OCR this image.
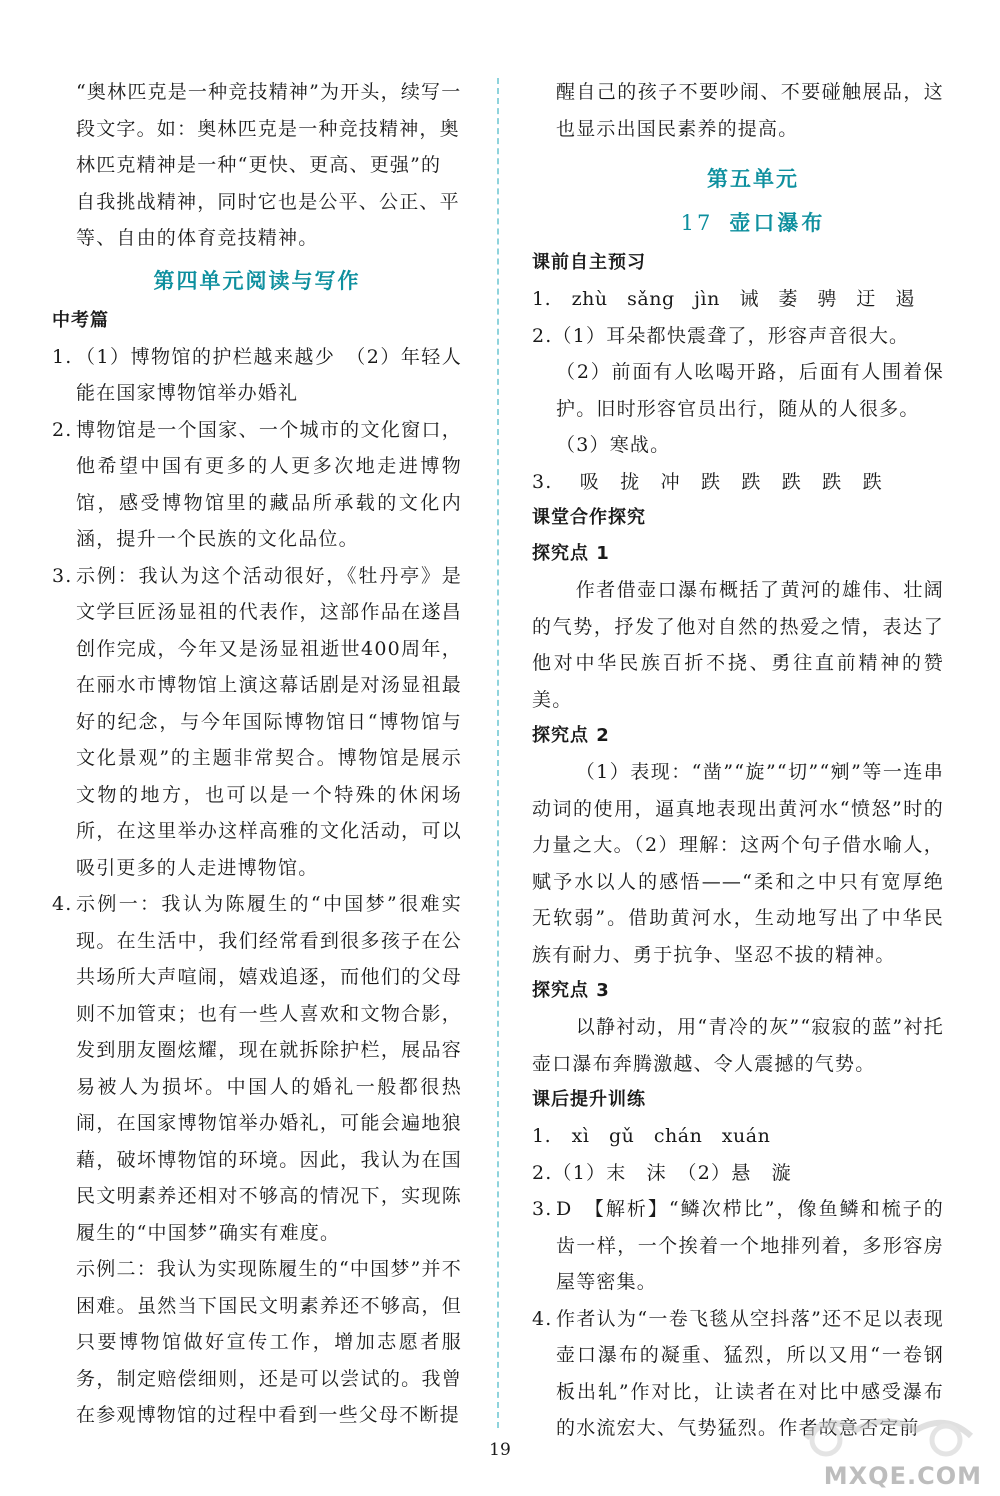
“奥林匹克是一种竞技精神”为开头，续写一
段文字。如：奥林匹克是一种竞技精神，奥
林匹克精神是一种“更快、更高、更强”的
自我挑战精神，同时它也是公平、公正、平
等、自由的体育竞技精神。
第四单元阅读与写作
中考篇
1. （1）博物馆的护栏越来越少　（2）年轻人能在国家博物馆举办婚礼
2. 博物馆是一个国家、一个城市的文化窗口，他希望中国有更多的人更多次地走进博物馆，感受博物馆里的藏品所承载的文化内涵，提升一个民族的文化品位。
3. 示例：我认为这个活动很好，《牡丹亭》是文学巨匠汤显祖的代表作，这部作品在遂昌创作完成，今年又是汤显祖逝世400周年，在丽水市博物馆上演这幕话剧是对汤显祖最好的纪念，与今年国际博物馆日“博物馆与文化景观”的主题非常契合。博物馆是展示文物的地方，也可以是一个特殊的休闲场所，在这里举办这样高雅的文化活动，可以吸引更多的人走进博物馆。
4. 示例一：我认为陈履生的“中国梦”很难实现。在生活中，我们经常看到很多孩子在公共场所大声喧闹，嬉戏追逐，而他们的父母则不加管束；也有一些人喜欢和文物合影，发到朋友圈炫耀，现在就拆除护栏，展品容易被人为损坏。中国人的婚礼一般都很热闹，在国家博物馆举办婚礼，可能会遍地狼藉，破坏博物馆的环境。因此，我认为在国民文明素养还相对不够高的情况下，实现陈履生的“中国梦”确实有难度。
示例二：我认为实现陈履生的“中国梦”并不困难。虽然当下国民文明素养还不够高，但只要博物馆做好宣传工作，增加志愿者服务，制定赔偿细则，还是可以尝试的。我曾在参观博物馆的过程中看到一些父母不断提
醒自己的孩子不要吵闹、不要碰触展品，这也显示出国民素养的提高。
第五单元
17 壶口瀑布
课前自主预习
1. zhù　sǎng　jìn　诫　萎　骋　迂　遏
2.（1）耳朵都快震聋了，形容声音很大。
（2）前面有人吆喝开路，后面有人围着保护。旧时形容官员出行，随从的人很多。
（3）寒战。
3. 吸　拢　冲　跌　跌　跌　跌　跌
课堂合作探究
探究点 1
作者借壶口瀑布概括了黄河的雄伟、壮阔的气势，抒发了他对自然的热爱之情，表达了他对中华民族百折不挠、勇往直前精神的赞美。
探究点 2
（1）表现：“凿”“旋”“切”“剜”等一连串动词的使用，逼真地表现出黄河水“愤怒”时的力量之大。（2）理解：这两个句子借水喻人，赋予水以人的感悟——“柔和之中只有宽厚绝无软弱”。借助黄河水，生动地写出了中华民族有耐力、勇于抗争、坚忍不拔的精神。
探究点 3
以静衬动，用“青冷的灰”“寂寂的蓝”衬托壶口瀑布奔腾激越、令人震撼的气势。
课后提升训练
1. xì　gǔ　chán　xuán
2.（1）末　沫　（2）悬　漩
3. D　【解析】“鳞次栉比”，像鱼鳞和梳子的齿一样，一个挨着一个地排列着，多形容房屋等密集。
4. 作者认为“一卷飞毯从空抖落”还不足以表现壶口瀑布的凝重、猛烈，所以又用“一卷钢板出轧”作对比，让读者在对比中感受瀑布的水流宏大、气势猛烈。作者故意否定前
19
MXQE.COM
